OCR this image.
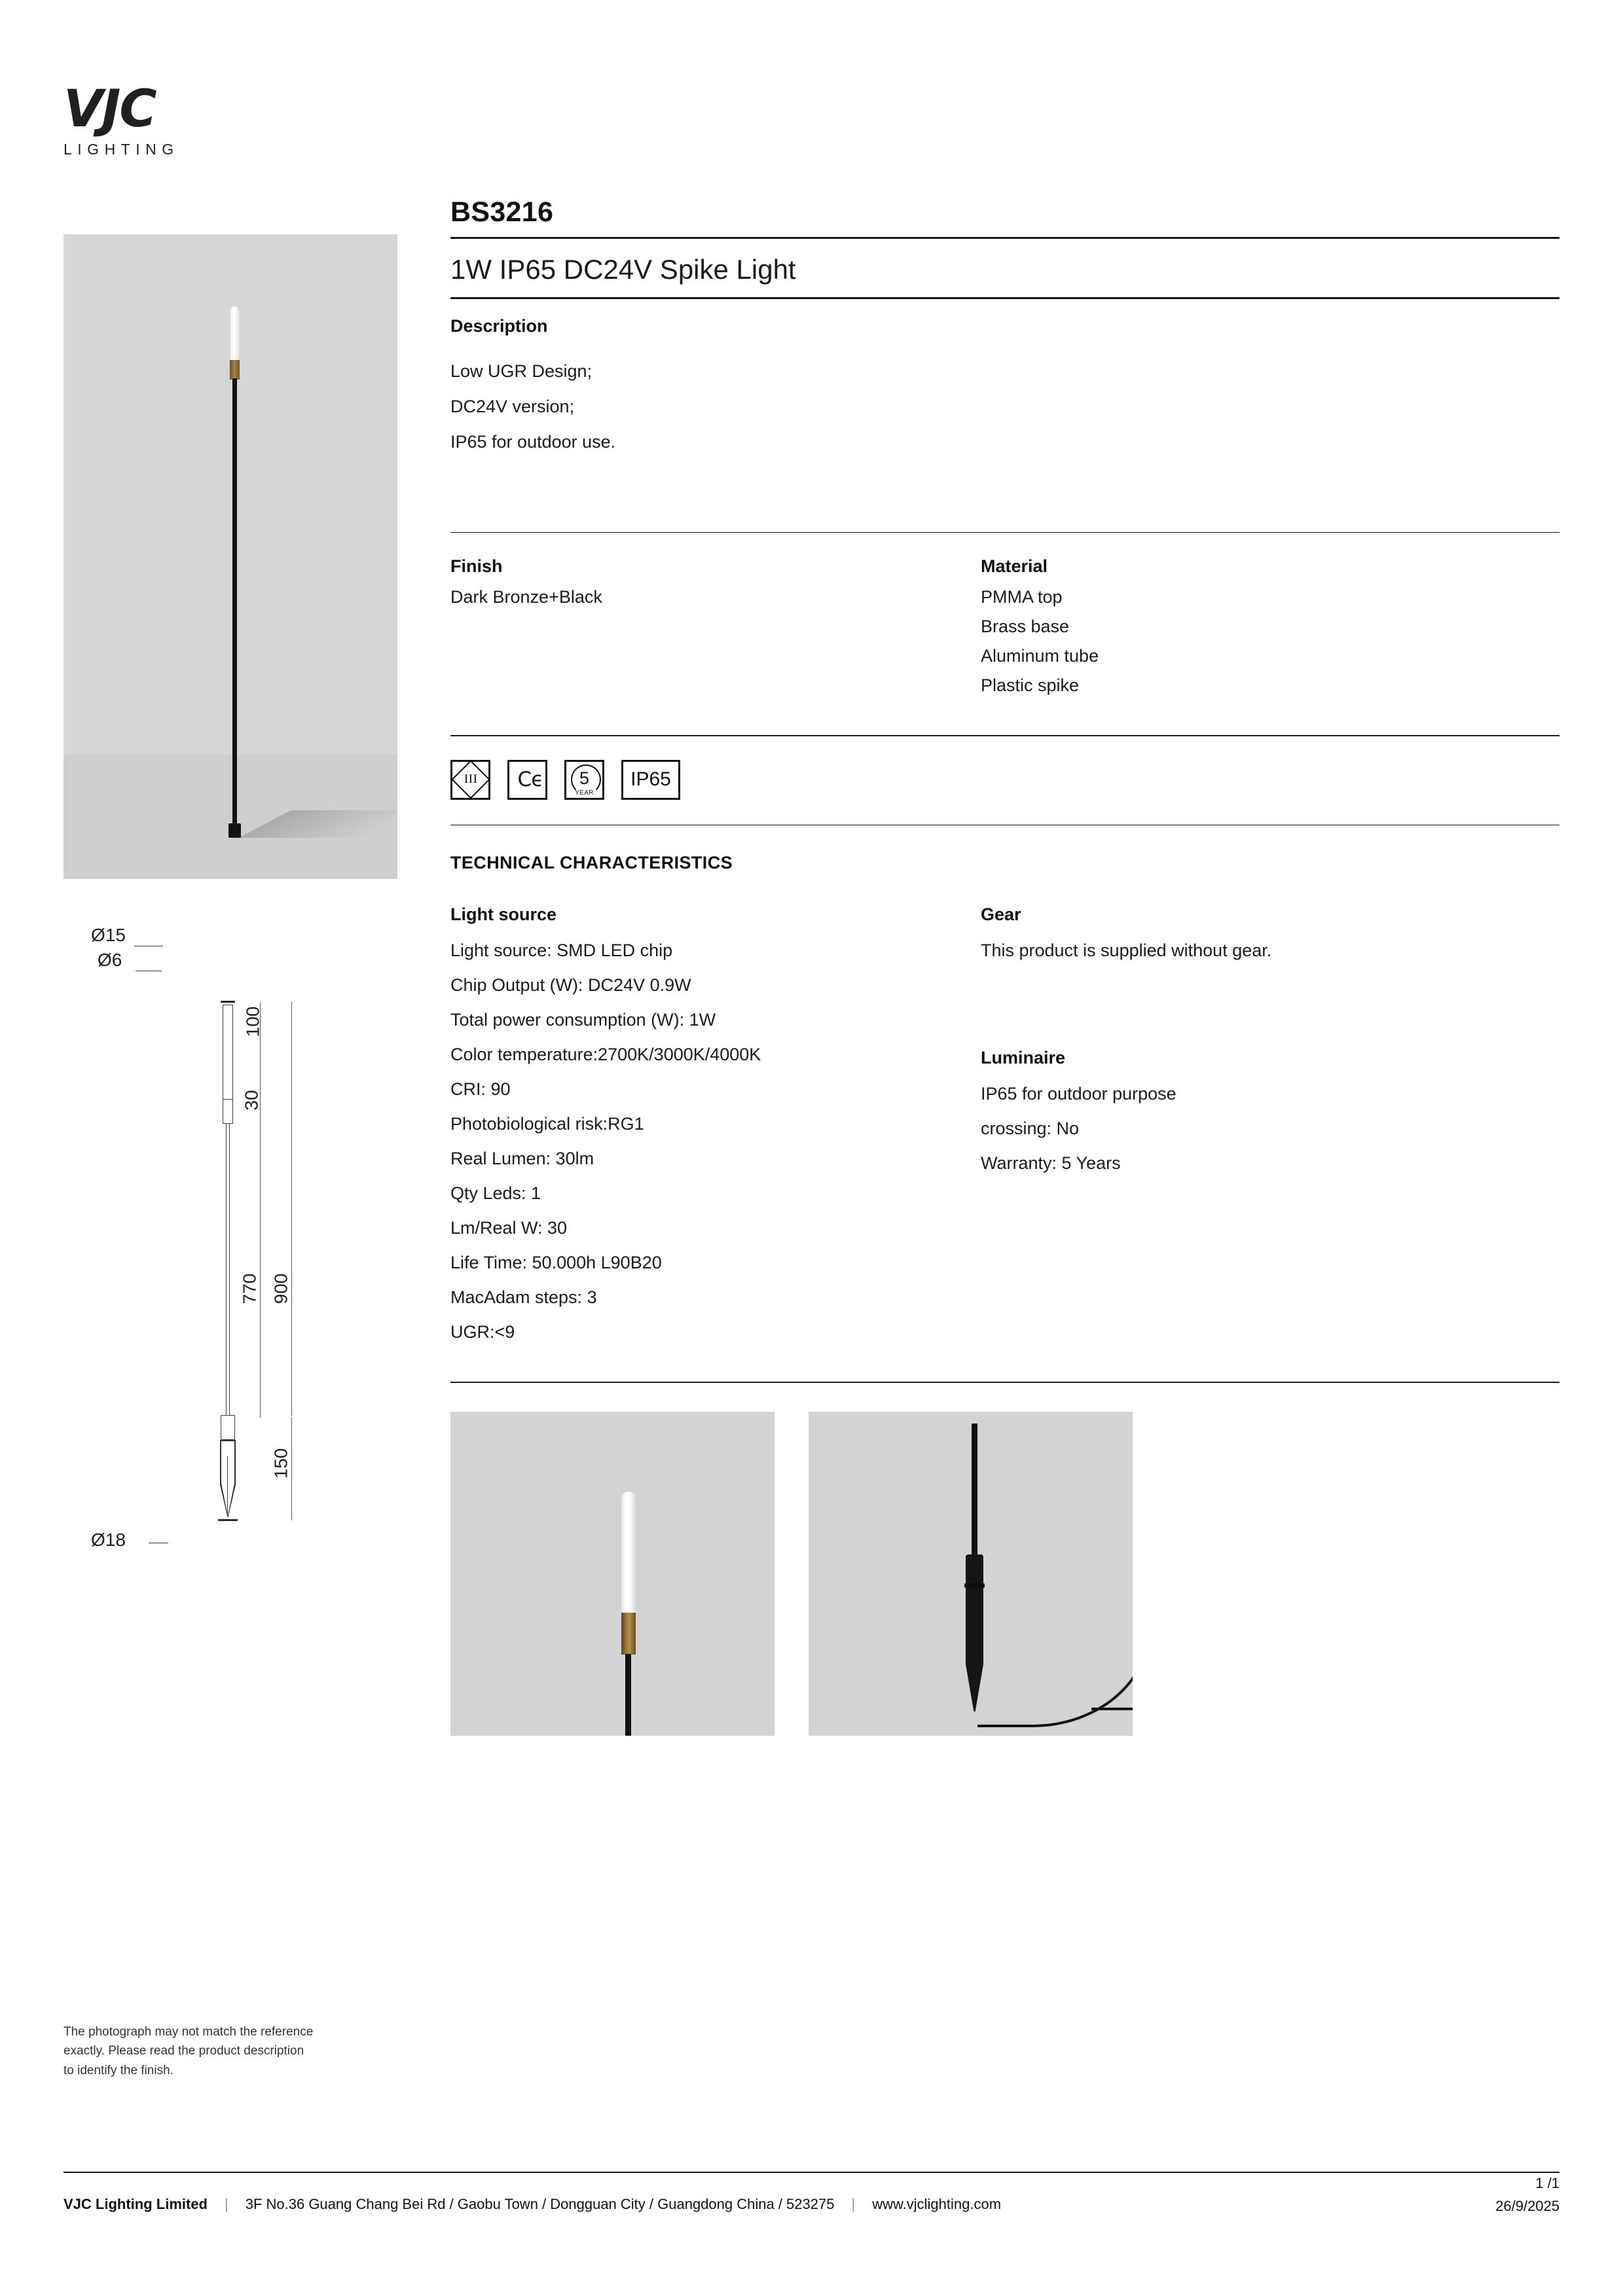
VJC
LIGHTING
Ø15
Ø6
100
30
770 900
150
Ø18
BS3216
1W IP65 DC24V Spike Light
Description
Low UGR Design;
DC24V version;
IP65 for outdoor use.
Finish
Dark Bronze+Black
Material
PMMA top
Brass base
Aluminum tube
Plastic spike
III Cϵ 5
YEAR
IP65
TECHNICAL CHARACTERISTICS
Light source
Light source: SMD LED chip
Chip Output (W): DC24V 0.9W
Total power consumption (W): 1W
Color temperature:2700K/3000K/4000K
CRI: 90
Photobiological risk:RG1
Real Lumen: 30lm
Qty Leds: 1
Lm/Real W: 30
Life Time: 50.000h L90B20
MacAdam steps: 3
UGR:<9
Gear
This product is supplied without gear.
Luminaire
IP65 for outdoor purpose
crossing: No
Warranty: 5 Years
The photograph may not match the reference
exactly. Please read the product description
to identify the finish.
VJC Lighting Limited | 3F No.36 Guang Chang Bei Rd / Gaobu Town / Dongguan City / Guangdong China / 523275 | www.vjclighting.com
1 /1
26/9/2025
